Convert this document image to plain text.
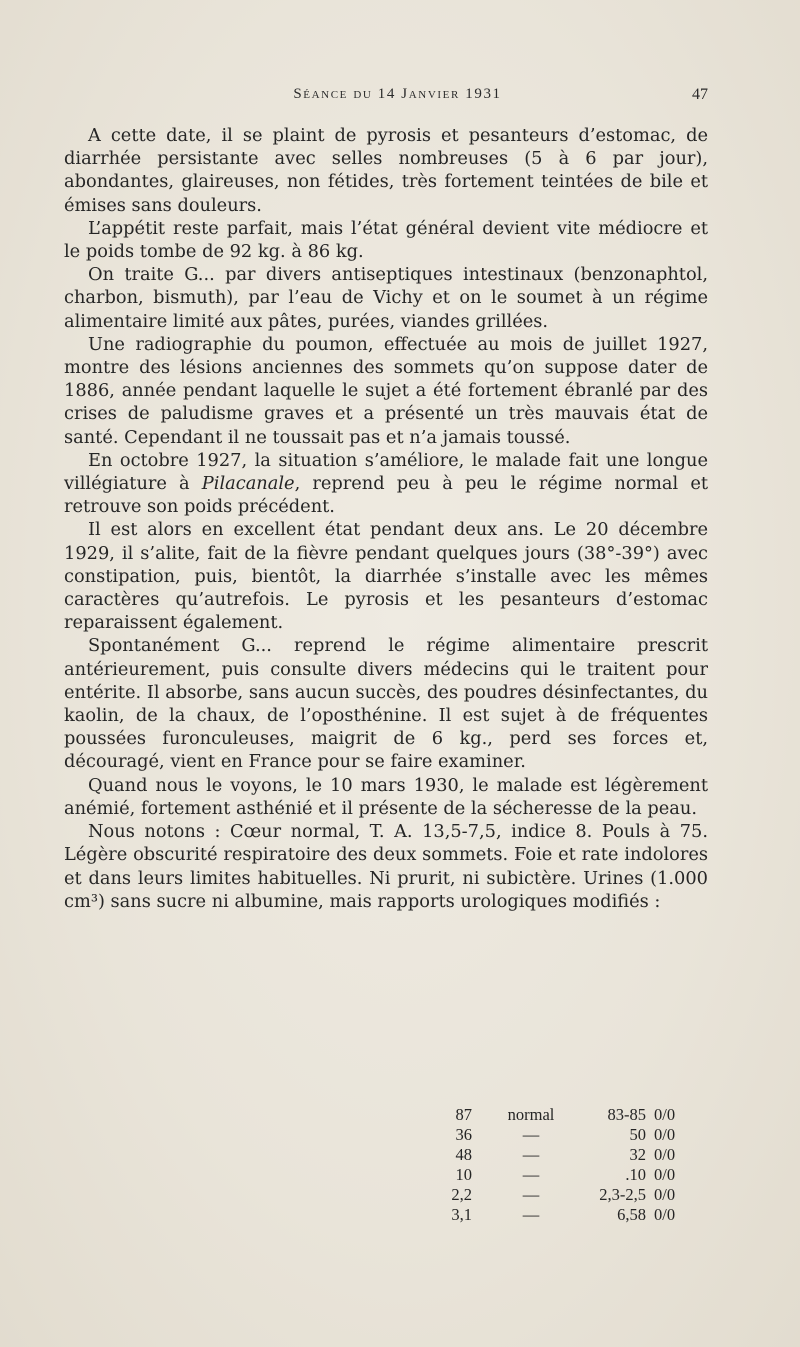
Séance du 14 Janvier 1931	47

A cette date, il se plaint de pyrosis et pesanteurs d’estomac, de diarrhée persistante avec selles nombreuses (5 à 6 par jour), abondantes, glaireuses, non fétides, très fortement teintées de bile et émises sans douleurs.

L’appétit reste parfait, mais l’état général devient vite médiocre et le poids tombe de 92 kg. à 86 kg.

On traite G... par divers antiseptiques intestinaux (benzonaphtol, charbon, bismuth), par l’eau de Vichy et on le soumet à un régime alimentaire limité aux pâtes, purées, viandes grillées.

Une radiographie du poumon, effectuée au mois de juillet 1927, montre des lésions anciennes des sommets qu’on suppose dater de 1886, année pendant laquelle le sujet a été fortement ébranlé par des crises de paludisme graves et a présenté un très mauvais état de santé. Cependant il ne toussait pas et n’a jamais toussé.

En octobre 1927, la situation s’améliore, le malade fait une longue villégiature à Pilacanale, reprend peu à peu le régime normal et retrouve son poids précédent.

Il est alors en excellent état pendant deux ans. Le 20 décembre 1929, il s’alite, fait de la fièvre pendant quelques jours (38°-39°) avec constipation, puis, bientôt, la diarrhée s’installe avec les mêmes caractères qu’autrefois. Le pyrosis et les pesanteurs d’estomac reparaissent également.

Spontanément G... reprend le régime alimentaire prescrit antérieurement, puis consulte divers médecins qui le traitent pour entérite. Il absorbe, sans aucun succès, des poudres désinfectantes, du kaolin, de la chaux, de l’oposthénine. Il est sujet à de fréquentes poussées furonculeuses, maigrit de 6 kg., perd ses forces et, découragé, vient en France pour se faire examiner.

Quand nous le voyons, le 10 mars 1930, le malade est légèrement anémié, fortement asthénié et il présente de la sécheresse de la peau.

Nous notons : Cœur normal, T. A. 13,5-7,5, indice 8. Pouls à 75. Légère obscurité respiratoire des deux sommets. Foie et rate indolores et dans leurs limites habituelles. Ni prurit, ni subictère. Urines (1.000 cm³) sans sucre ni albumine, mais rapports urologiques modifiés :

87	normal	83-85 0/0
36	—	50 0/0
48	—	32 0/0
10	—	.10 0/0
2,2	—	2,3-2,5 0/0
3,1	—	6,58 0/0
